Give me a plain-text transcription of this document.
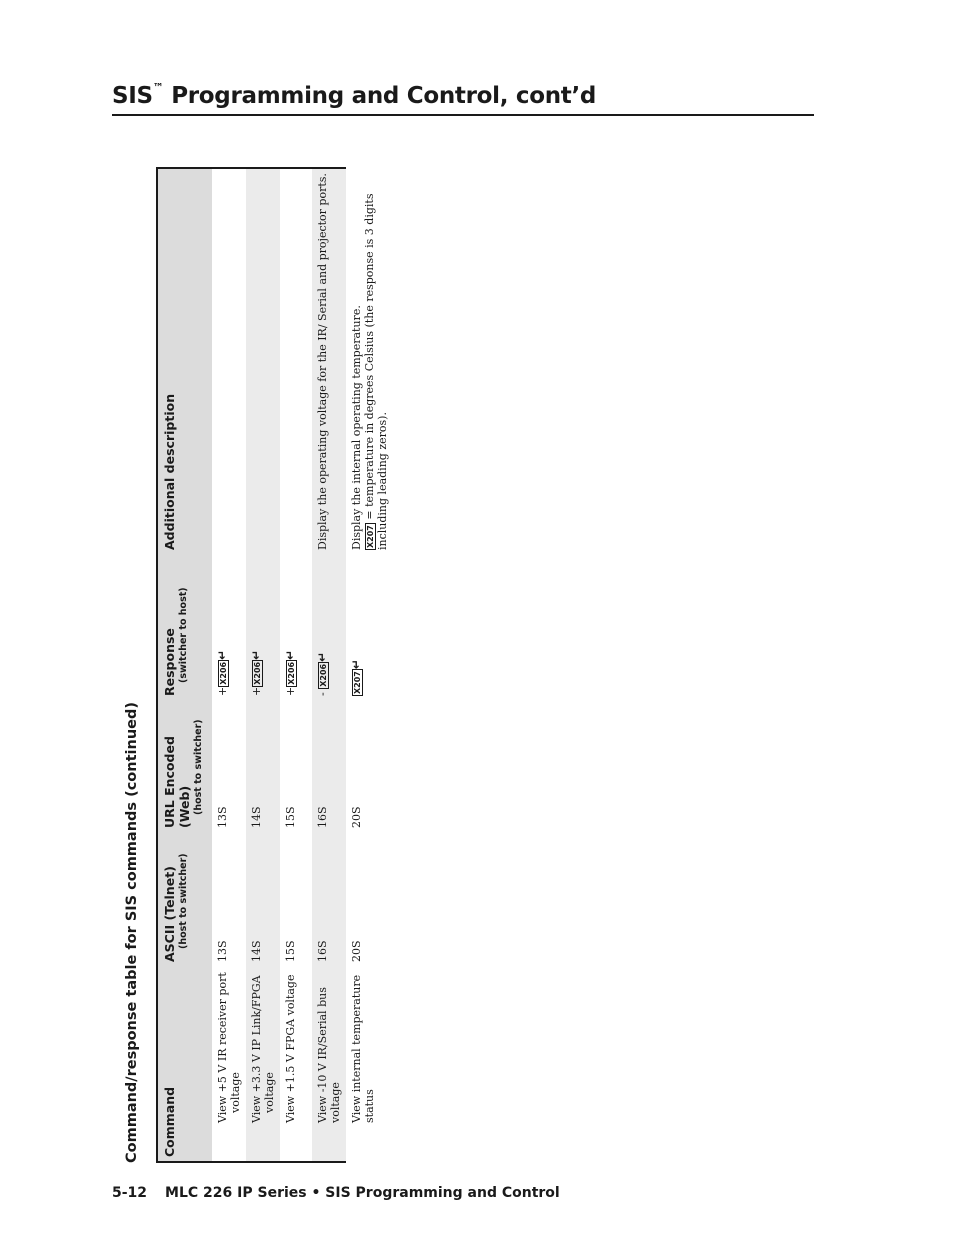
SIS™ Programming and Control, cont’d
Command/response table for SIS commands (continued) Command	ASCII (Telnet) (host to switcher)	URL Encoded (Web) (host to switcher)	Response (switcher to host)	Additional description
View +5 V IR receiver port voltage	13S	13S	+X206↵	
View +3.3 V IP Link/FPGA voltage	14S	14S	+X206↵	
View +1.5 V FPGA voltage	15S	15S	+X206↵	
View -10 V IR/Serial bus voltage	16S	16S	- X206↵	Display the operating voltage for the IR/ Serial and projector ports.
View internal temperature status	20S	20S	X207↵	Display the internal operating temperature. X207 = temperature in degrees Celsius (the response is 3 digits including leading zeros).
5-12 MLC 226 IP Series • SIS Programming and Control
